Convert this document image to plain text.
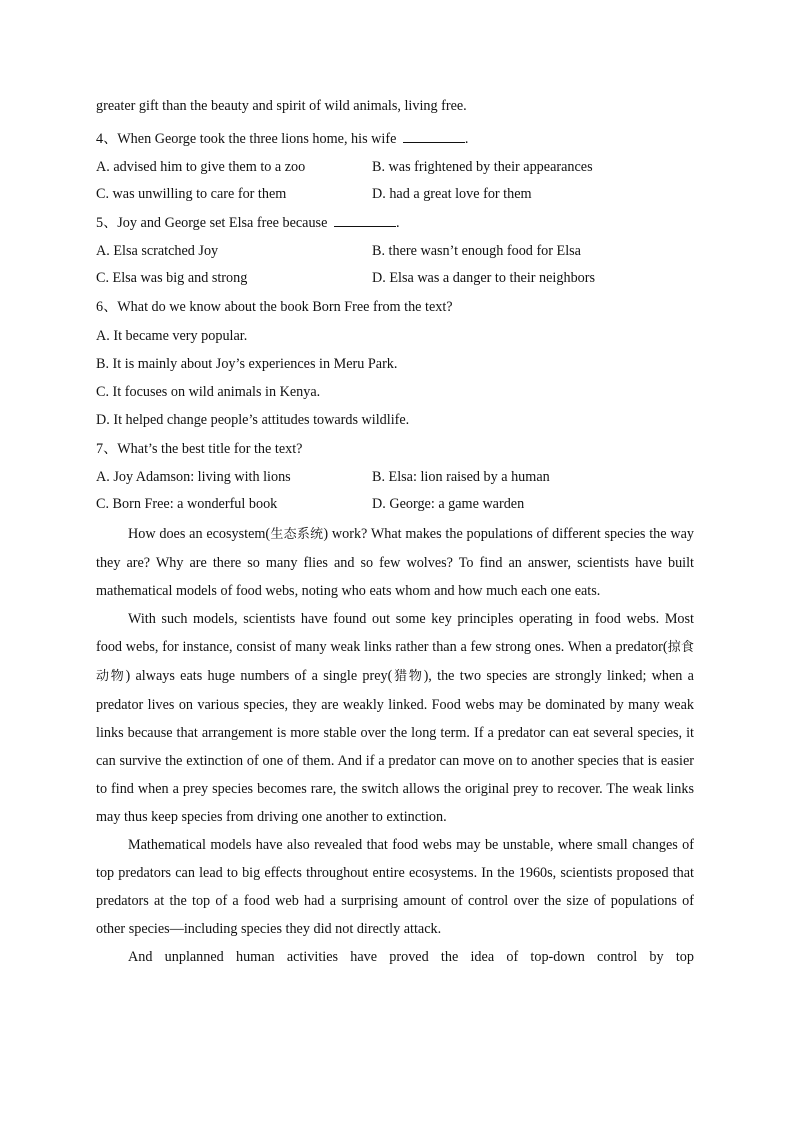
greater gift than the beauty and spirit of wild animals, living free.

4、When George took the three lions home, his wife	.

A. advised him to give them to a zoo	B. was frightened by their appearances
C. was unwilling to care for them	D. had a great love for them

5、Joy and George set Elsa free because	.

A. Elsa scratched Joy	B. there wasn’t enough food for Elsa
C. Elsa was big and strong	D. Elsa was a danger to their neighbors

6、What do we know about the book Born Free from the text?

A. It became very popular.

B. It is mainly about Joy’s experiences in Meru Park.

C. It focuses on wild animals in Kenya.

D. It helped change people’s attitudes towards wildlife.

7、What’s the best title for the text?

A. Joy Adamson: living with lions	B. Elsa: lion raised by a human
C. Born Free: a wonderful book	D. George: a game warden

How does an ecosystem(生态系统) work? What makes the populations of different species the way they are? Why are there so many flies and so few wolves? To find an answer, scientists have built mathematical models of food webs, noting who eats whom and how much each one eats.

With such models, scientists have found out some key principles operating in food webs. Most food webs, for instance, consist of many weak links rather than a few strong ones. When a predator(掠食动物) always eats huge numbers of a single prey(猎物), the two species are strongly linked; when a predator lives on various species, they are weakly linked. Food webs may be dominated by many weak links because that arrangement is more stable over the long term. If a predator can eat several species, it can survive the extinction of one of them. And if a predator can move on to another species that is easier to find when a prey species becomes rare, the switch allows the original prey to recover. The weak links may thus keep species from driving one another to extinction.

Mathematical models have also revealed that food webs may be unstable, where small changes of top predators can lead to big effects throughout entire ecosystems. In the 1960s, scientists proposed that predators at the top of a food web had a surprising amount of control over the size of populations of other species—including species they did not directly attack.

And unplanned human activities have proved the idea of top-down control by top
